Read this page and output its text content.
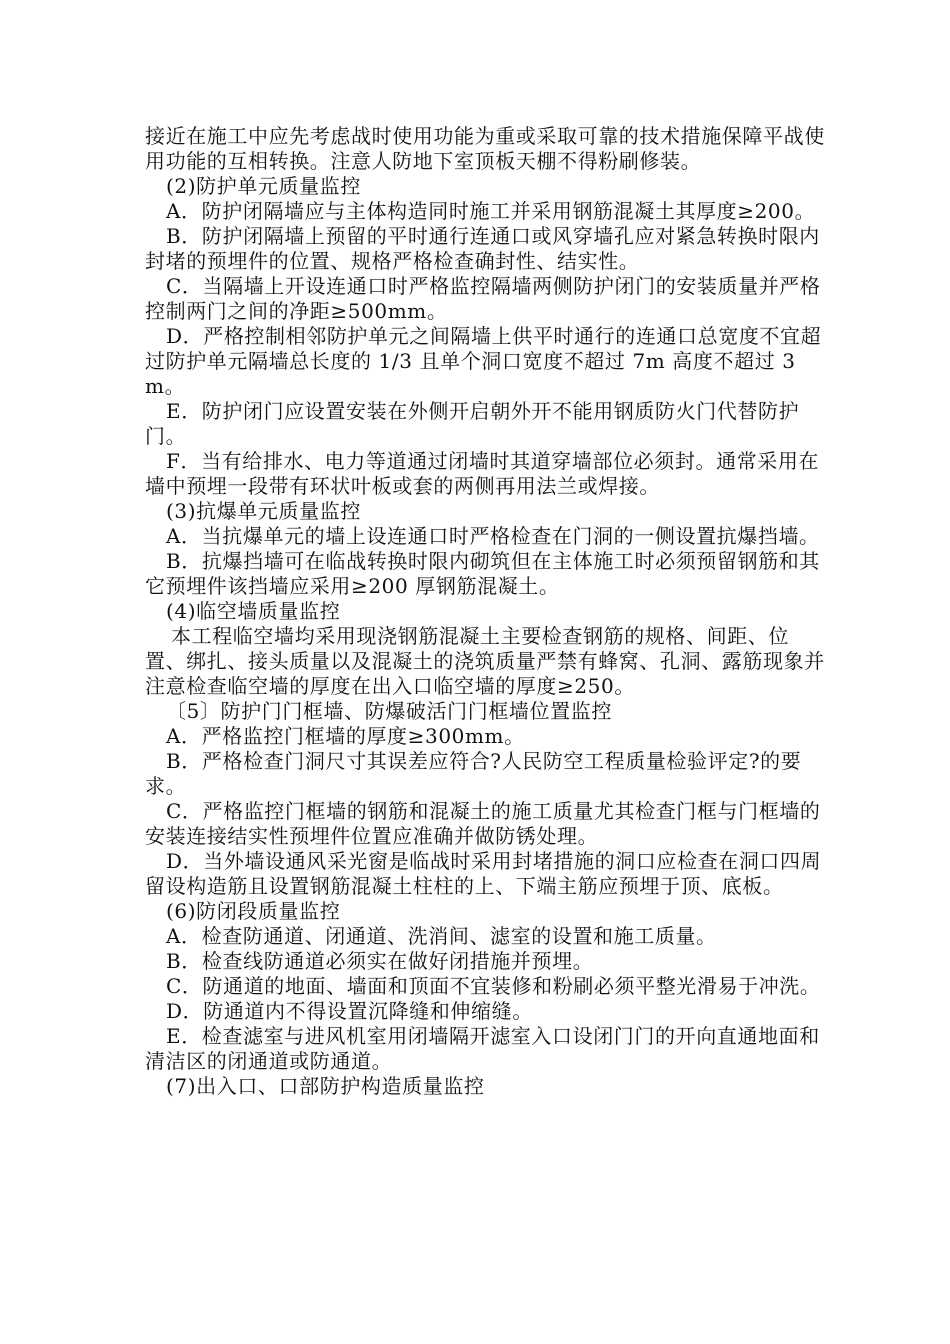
接近在施工中应先考虑战时使用功能为重或采取可靠的技术措施保障平战使用功能的互相转换。注意人防地下室顶板天棚不得粉刷修装。

(2)防护单元质量监控

A．防护闭隔墙应与主体构造同时施工并采用钢筋混凝土其厚度≥200。

B．防护闭隔墙上预留的平时通行连通口或风穿墙孔应对紧急转换时限内封堵的预埋件的位置、规格严格检查确封性、结实性。

C．当隔墙上开设连通口时严格监控隔墙两侧防护闭门的安装质量并严格控制两门之间的净距≥500mm。

D．严格控制相邻防护单元之间隔墙上供平时通行的连通口总宽度不宜超过防护单元隔墙总长度的 1/3 且单个洞口宽度不超过 7m 高度不超过 3m。

E．防护闭门应设置安装在外侧开启朝外开不能用钢质防火门代替防护门。

F．当有给排水、电力等道通过闭墙时其道穿墙部位必须封。通常采用在墙中预埋一段带有环状叶板或套的两侧再用法兰或焊接。

(3)抗爆单元质量监控

A．当抗爆单元的墙上设连通口时严格检查在门洞的一侧设置抗爆挡墙。

B．抗爆挡墙可在临战转换时限内砌筑但在主体施工时必须预留钢筋和其它预埋件该挡墙应采用≥200 厚钢筋混凝土。

(4)临空墙质量监控

本工程临空墙均采用现浇钢筋混凝土主要检查钢筋的规格、间距、位置、绑扎、接头质量以及混凝土的浇筑质量严禁有蜂窝、孔洞、露筋现象并注意检查临空墙的厚度在出入口临空墙的厚度≥250。

〔5〕防护门门框墙、防爆破活门门框墙位置监控

A．严格监控门框墙的厚度≥300mm。

B．严格检查门洞尺寸其误差应符合?人民防空工程质量检验评定?的要求。

C．严格监控门框墙的钢筋和混凝土的施工质量尤其检查门框与门框墙的安装连接结实性预埋件位置应准确并做防锈处理。

D．当外墙设通风采光窗是临战时采用封堵措施的洞口应检查在洞口四周留设构造筋且设置钢筋混凝土柱柱的上、下端主筋应预埋于顶、底板。

(6)防闭段质量监控

A．检查防通道、闭通道、洗消间、滤室的设置和施工质量。

B．检查线防通道必须实在做好闭措施并预埋。

C．防通道的地面、墙面和顶面不宜装修和粉刷必须平整光滑易于冲洗。

D．防通道内不得设置沉降缝和伸缩缝。

E．检查滤室与进风机室用闭墙隔开滤室入口设闭门门的开向直通地面和清洁区的闭通道或防通道。

(7)出入口、口部防护构造质量监控
